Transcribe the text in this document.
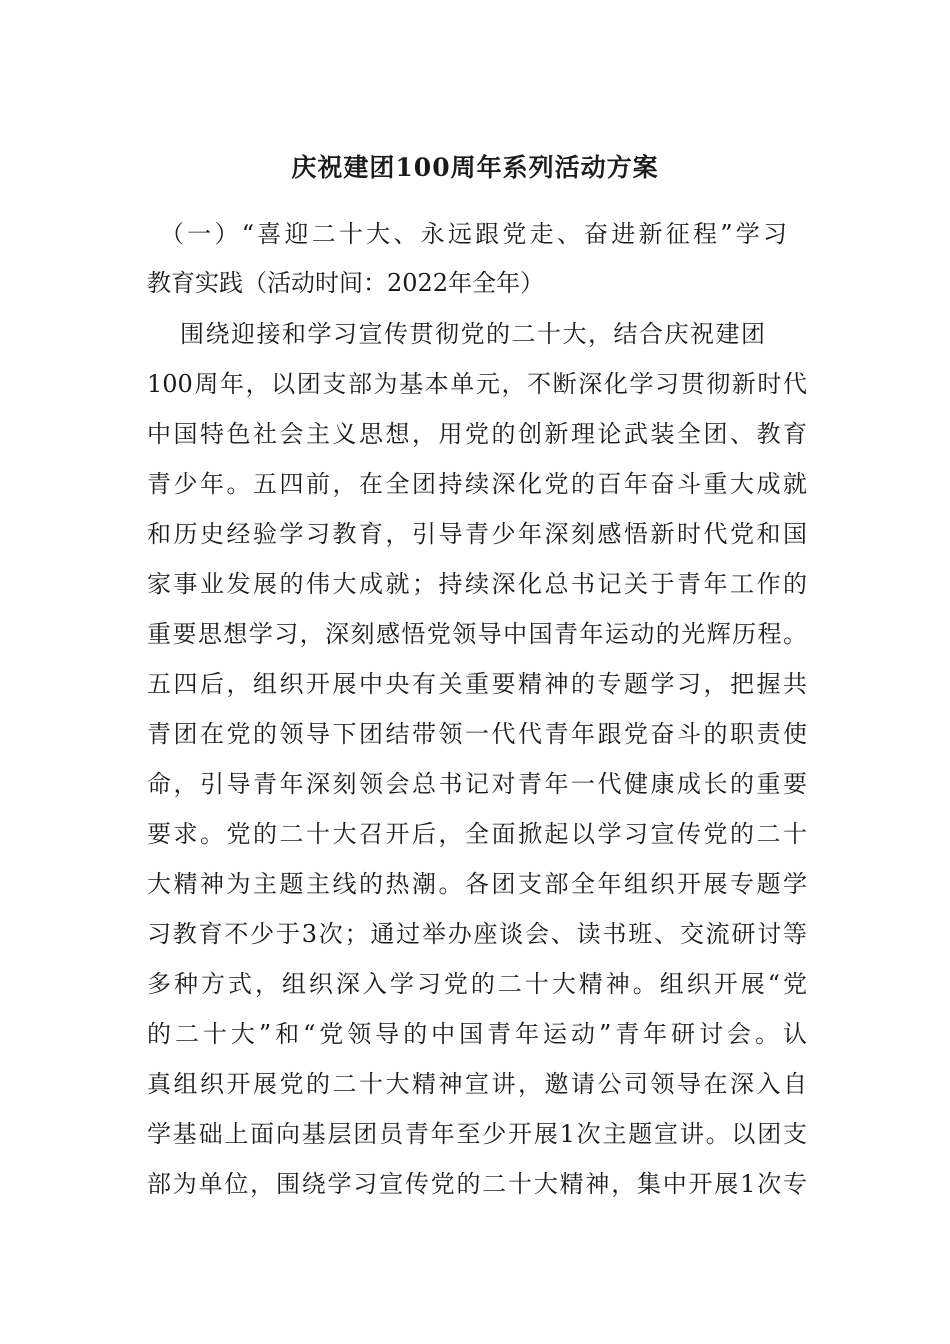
庆祝建团100周年系列活动方案
（一）“喜迎二十大、永远跟党走、奋进新征程”学习
教育实践（活动时间：2022年全年）
围绕迎接和学习宣传贯彻党的二十大，结合庆祝建团
100周年，以团支部为基本单元，不断深化学习贯彻新时代
中国特色社会主义思想，用党的创新理论武装全团、教育
青少年。五四前，在全团持续深化党的百年奋斗重大成就
和历史经验学习教育，引导青少年深刻感悟新时代党和国
家事业发展的伟大成就；持续深化总书记关于青年工作的
重要思想学习，深刻感悟党领导中国青年运动的光辉历程。
五四后，组织开展中央有关重要精神的专题学习，把握共
青团在党的领导下团结带领一代代青年跟党奋斗的职责使
命，引导青年深刻领会总书记对青年一代健康成长的重要
要求。党的二十大召开后，全面掀起以学习宣传党的二十
大精神为主题主线的热潮。各团支部全年组织开展专题学
习教育不少于3次；通过举办座谈会、读书班、交流研讨等
多种方式，组织深入学习党的二十大精神。组织开展“党
的二十大”和“党领导的中国青年运动”青年研讨会。认
真组织开展党的二十大精神宣讲，邀请公司领导在深入自
学基础上面向基层团员青年至少开展1次主题宣讲。以团支
部为单位，围绕学习宣传党的二十大精神，集中开展1次专
